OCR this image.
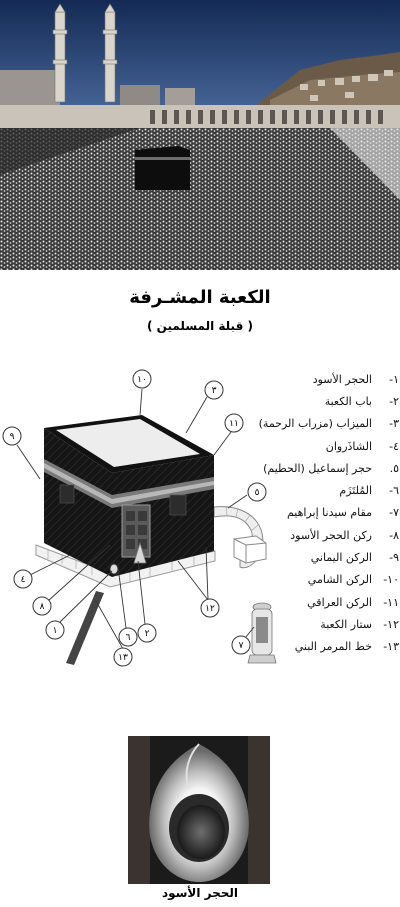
الكعبة المشـرفة
( قبلة المسلمين )
١٠
٣
١١
٩
٥
٤
٨
١
٦ ٢
١٢
١٣
٧
١-
الحجر الأسود
٢-
باب الكعبة
٣-
الميزاب (مزراب الرحمة)
٤-
الشاذَروان
٥.
حجر إسماعيل (الحطيم)
٦-
المُلتَزَم
٧-
مقام سيدنا إبراهيم
٨-
ركن الحجر الأسود
٩-
الركن اليماني
١٠-
الركن الشامي
١١-
الركن العراقي
١٢-
ستار الكعبة
١٣-
خط المرمر البني
الحجر الأسود
